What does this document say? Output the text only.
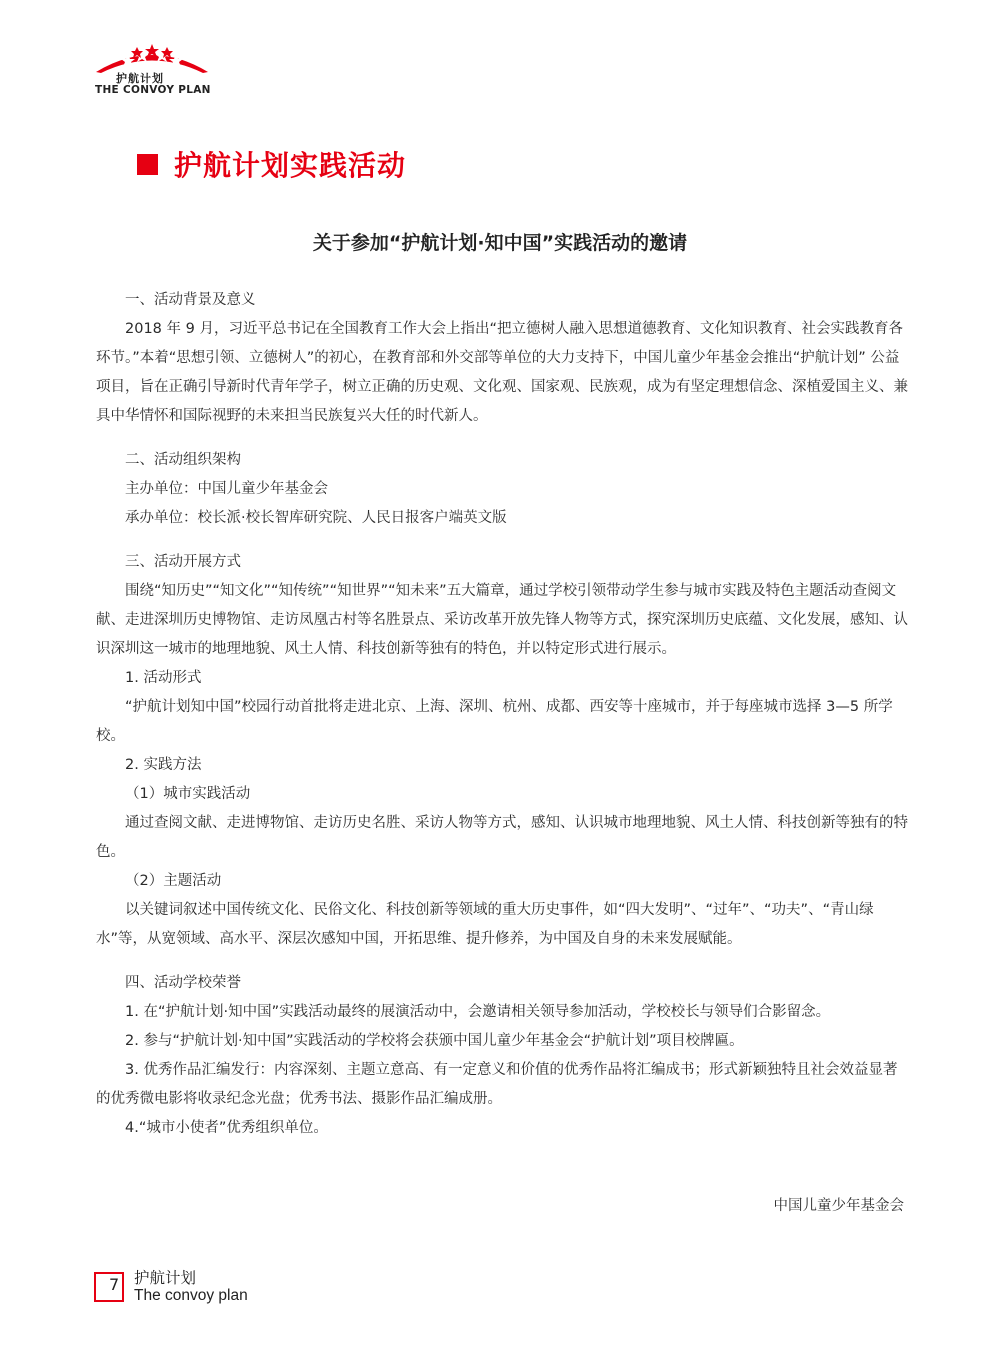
护航计划
THE CONVOY PLAN
护航计划实践活动
关于参加“护航计划·知中国”实践活动的邀请

一、活动背景及意义

2018 年 9 月，习近平总书记在全国教育工作大会上指出“把立德树人融入思想道德教育、文化知识教育、社会实践教育各环节。”本着“思想引领、立德树人”的初心，在教育部和外交部等单位的大力支持下，中国儿童少年基金会推出“护航计划” 公益项目，旨在正确引导新时代青年学子，树立正确的历史观、文化观、国家观、民族观，成为有坚定理想信念、深植爱国主义、兼具中华情怀和国际视野的未来担当民族复兴大任的时代新人。

二、活动组织架构

主办单位：中国儿童少年基金会

承办单位：校长派·校长智库研究院、人民日报客户端英文版

三、活动开展方式

围绕“知历史”“知文化”“知传统”“知世界”“知未来”五大篇章，通过学校引领带动学生参与城市实践及特色主题活动查阅文献、走进深圳历史博物馆、走访凤凰古村等名胜景点、采访改革开放先锋人物等方式，探究深圳历史底蕴、文化发展，感知、认识深圳这一城市的地理地貌、风土人情、科技创新等独有的特色，并以特定形式进行展示。

1. 活动形式

“护航计划知中国”校园行动首批将走进北京、上海、深圳、杭州、成都、西安等十座城市，并于每座城市选择 3—5 所学校。

2. 实践方法

（1）城市实践活动

通过查阅文献、走进博物馆、走访历史名胜、采访人物等方式，感知、认识城市地理地貌、风土人情、科技创新等独有的特色。

（2）主题活动

以关键词叙述中国传统文化、民俗文化、科技创新等领域的重大历史事件，如“四大发明”、“过年”、“功夫”、“青山绿水”等，从宽领域、高水平、深层次感知中国，开拓思维、提升修养，为中国及自身的未来发展赋能。

四、活动学校荣誉

1. 在“护航计划·知中国”实践活动最终的展演活动中，会邀请相关领导参加活动，学校校长与领导们合影留念。

2. 参与“护航计划·知中国”实践活动的学校将会获颁中国儿童少年基金会“护航计划”项目校牌匾。

3. 优秀作品汇编发行：内容深刻、主题立意高、有一定意义和价值的优秀作品将汇编成书；形式新颖独特且社会效益显著的优秀微电影将收录纪念光盘；优秀书法、摄影作品汇编成册。

4.“城市小使者”优秀组织单位。

中国儿童少年基金会
7 护航计划
The convoy plan
